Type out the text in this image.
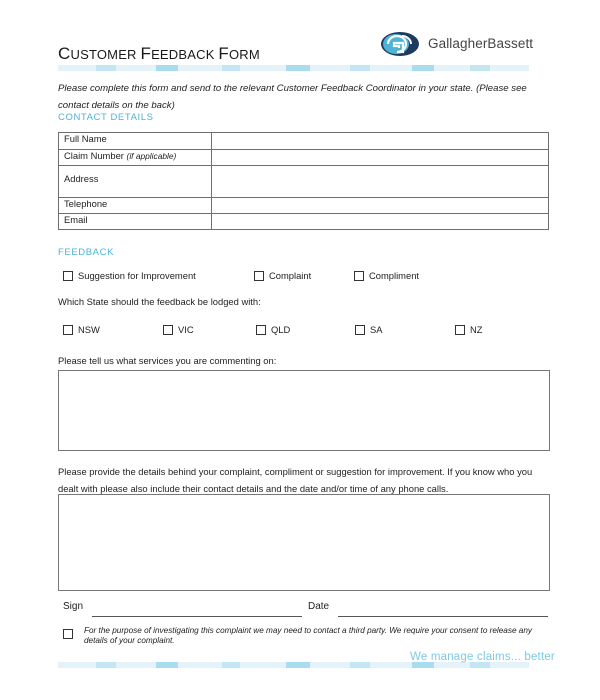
CUSTOMER FEEDBACK FORM
GallagherBassett
Please complete this form and send to the relevant Customer Feedback Coordinator in your state. (Please see contact details on the back)
CONTACT DETAILS
Full Name	
Claim Number (if applicable)	
Address	
Telephone	
Email	
FEEDBACK
Suggestion for Improvement	Complaint	Compliment
Which State should the feedback be lodged with:
NSW	VIC	QLD	SA	NZ
Please tell us what services you are commenting on:
Please provide the details behind your complaint, compliment or suggestion for improvement. If you know who you dealt with please also include their contact details and the date and/or time of any phone calls.
Sign	Date
For the purpose of investigating this complaint we may need to contact a third party. We require your consent to release any details of your complaint.
We manage claims... better
